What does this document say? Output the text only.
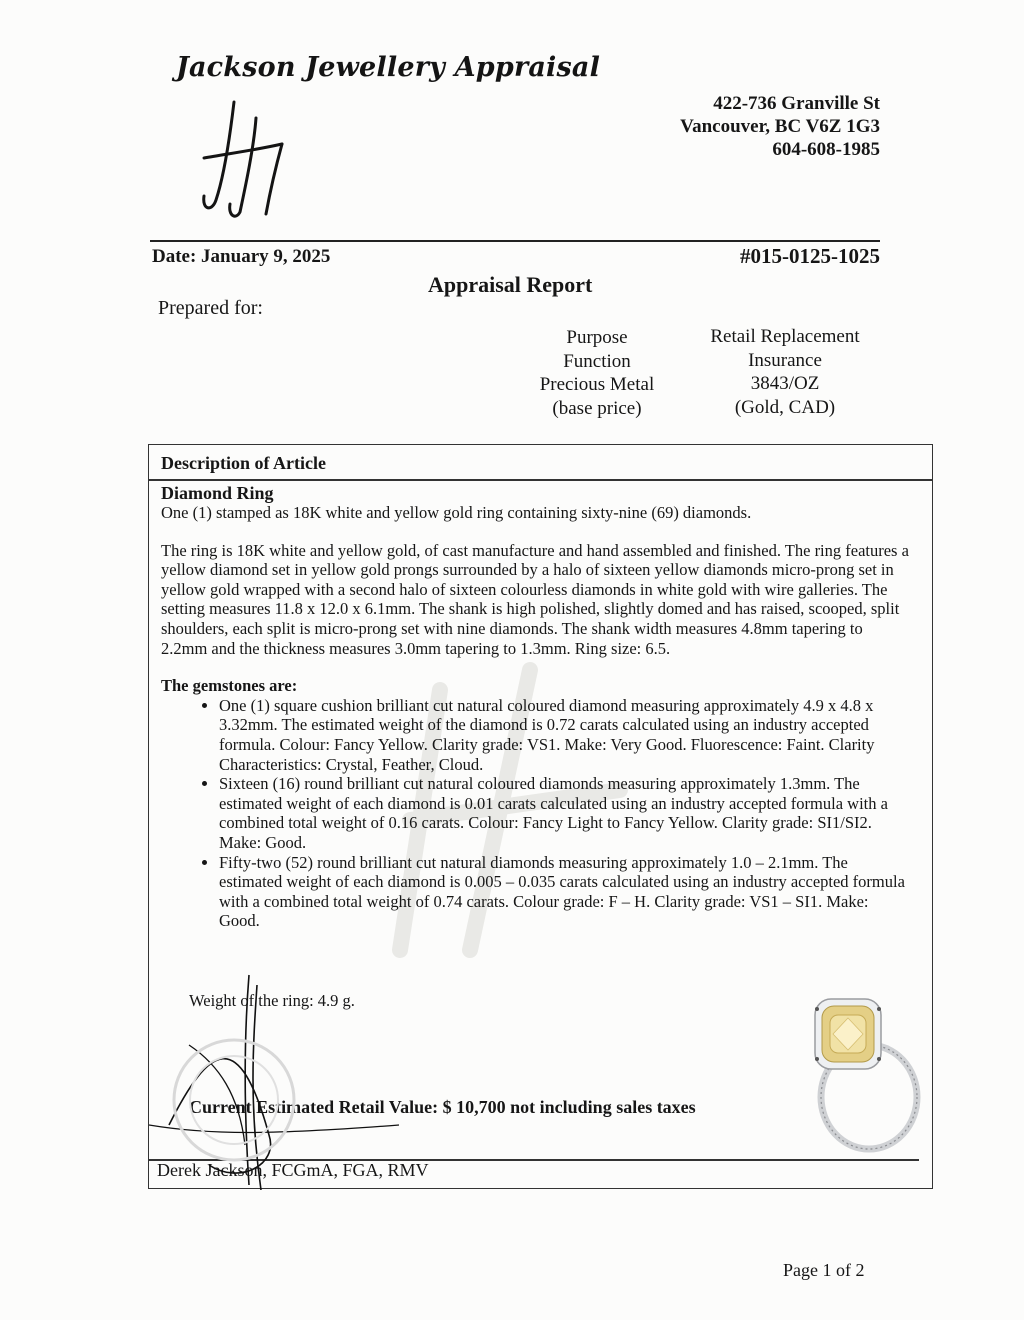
Jackson Jewellery Appraisal
422-736 Granville St
Vancouver, BC V6Z 1G3
604-608-1985
Date: January 9, 2025	#015-0125-1025
Appraisal Report
Prepared for:
Purpose
Function
Precious Metal
(base price)
Retail Replacement
Insurance
3843/OZ
(Gold, CAD)
Description of Article
Diamond Ring
One (1) stamped as 18K white and yellow gold ring containing sixty-nine (69) diamonds.
The ring is 18K white and yellow gold, of cast manufacture and hand assembled and finished. The ring features a yellow diamond set in yellow gold prongs surrounded by a halo of sixteen yellow diamonds micro-prong set in yellow gold wrapped with a second halo of sixteen colourless diamonds in white gold with wire galleries. The setting measures 11.8 x 12.0 x 6.1mm. The shank is high polished, slightly domed and has raised, scooped, split shoulders, each split is micro-prong set with nine diamonds. The shank width measures 4.8mm tapering to 2.2mm and the thickness measures 3.0mm tapering to 1.3mm. Ring size: 6.5.
The gemstones are:
• One (1) square cushion brilliant cut natural coloured diamond measuring approximately 4.9 x 4.8 x 3.32mm. The estimated weight of the diamond is 0.72 carats calculated using an industry accepted formula. Colour: Fancy Yellow. Clarity grade: VS1. Make: Very Good. Fluorescence: Faint. Clarity Characteristics: Crystal, Feather, Cloud.
• Sixteen (16) round brilliant cut natural coloured diamonds measuring approximately 1.3mm. The estimated weight of each diamond is 0.01 carats calculated using an industry accepted formula with a combined total weight of 0.16 carats. Colour: Fancy Light to Fancy Yellow. Clarity grade: SI1/SI2. Make: Good.
• Fifty-two (52) round brilliant cut natural diamonds measuring approximately 1.0 – 2.1mm. The estimated weight of each diamond is 0.005 – 0.035 carats calculated using an industry accepted formula with a combined total weight of 0.74 carats. Colour grade: F – H. Clarity grade: VS1 – SI1. Make: Good.
Weight of the ring: 4.9 g.
Current Estimated Retail Value: $ 10,700 not including sales taxes
Derek Jackson, FCGmA, FGA, RMV
Page 1 of 2
